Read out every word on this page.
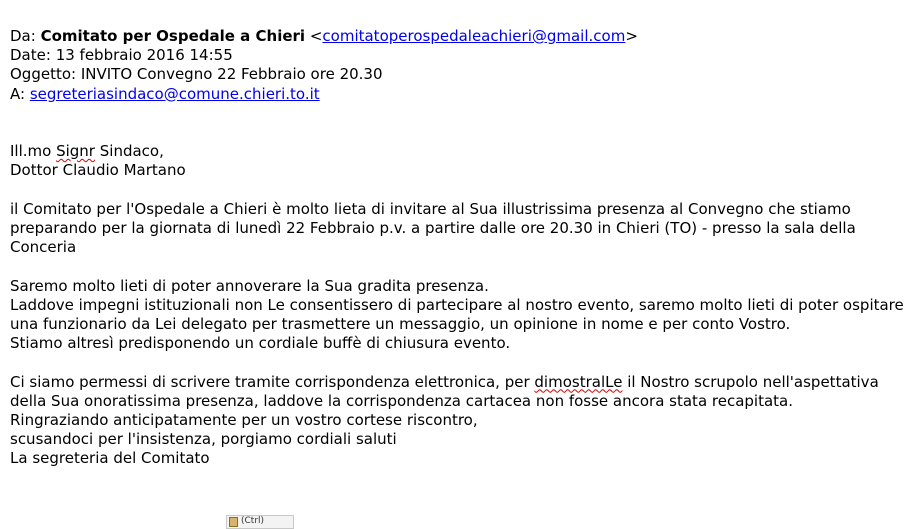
Da: Comitato per Ospedale a Chieri <comitatoperospedaleachieri@gmail.com>
Date: 13 febbraio 2016 14:55
Oggetto: INVITO Convegno 22 Febbraio ore 20.30
A: segreteriasindaco@comune.chieri.to.it
Ill.mo Signr Sindaco,
Dottor Claudio Martano
il Comitato per l'Ospedale a Chieri è molto lieta di invitare al Sua illustrissima presenza al Convegno che stiamo preparando per la giornata di lunedì 22 Febbraio p.v. a partire dalle ore 20.30 in Chieri (TO) - presso la sala della Conceria
Saremo molto lieti di poter annoverare la Sua gradita presenza.
Laddove impegni istituzionali non Le consentissero di partecipare al nostro evento, saremo molto lieti di poter ospitare una funzionario da Lei delegato per trasmettere un messaggio, un opinione in nome e per conto Vostro.
Stiamo altresì predisponendo un cordiale buffè di chiusura evento.
Ci siamo permessi di scrivere tramite corrispondenza elettronica, per dimostralLe il Nostro scrupolo nell'aspettativa della Sua onoratissima presenza, laddove la corrispondenza cartacea non fosse ancora stata recapitata.
Ringraziando anticipatamente per un vostro cortese riscontro,
scusandoci per l'insistenza, porgiamo cordiali saluti
La segreteria del Comitato
(Ctrl)
